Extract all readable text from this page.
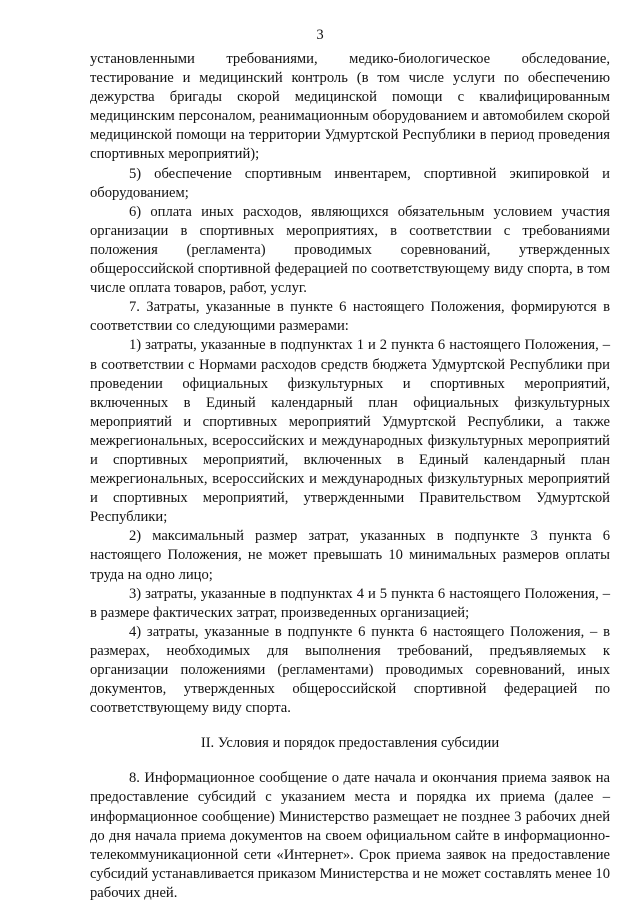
3

установленными требованиями, медико-биологическое обследование, тестирование и медицинский контроль (в том числе услуги по обеспечению дежурства бригады скорой медицинской помощи с квалифицированным медицинским персоналом, реанимационным оборудованием и автомобилем скорой медицинской помощи на территории Удмуртской Республики в период проведения спортивных мероприятий);

5) обеспечение спортивным инвентарем, спортивной экипировкой и оборудованием;

6) оплата иных расходов, являющихся обязательным условием участия организации в спортивных мероприятиях, в соответствии с требованиями положения (регламента) проводимых соревнований, утвержденных общероссийской спортивной федерацией по соответствующему виду спорта, в том числе оплата товаров, работ, услуг.

7. Затраты, указанные в пункте 6 настоящего Положения, формируются в соответствии со следующими размерами:

1) затраты, указанные в подпунктах 1 и 2 пункта 6 настоящего Положения, – в соответствии с Нормами расходов средств бюджета Удмуртской Республики при проведении официальных физкультурных и спортивных мероприятий, включенных в Единый календарный план официальных физкультурных мероприятий и спортивных мероприятий Удмуртской Республики, а также межрегиональных, всероссийских и международных физкультурных мероприятий и спортивных мероприятий, включенных в Единый календарный план межрегиональных, всероссийских и международных физкультурных мероприятий и спортивных мероприятий, утвержденными Правительством Удмуртской Республики;

2) максимальный размер затрат, указанных в подпункте 3 пункта 6 настоящего Положения, не может превышать 10 минимальных размеров оплаты труда на одно лицо;

3) затраты, указанные в подпунктах 4 и 5 пункта 6 настоящего Положения, – в размере фактических затрат, произведенных организацией;

4) затраты, указанные в подпункте 6 пункта 6 настоящего Положения, – в размерах, необходимых для выполнения требований, предъявляемых к организации положениями (регламентами) проводимых соревнований, иных документов, утвержденных общероссийской спортивной федерацией по соответствующему виду спорта.

II. Условия и порядок предоставления субсидии

8. Информационное сообщение о дате начала и окончания приема заявок на предоставление субсидий с указанием места и порядка их приема (далее – информационное сообщение) Министерство размещает не позднее 3 рабочих дней до дня начала приема документов на своем официальном сайте в информационно-телекоммуникационной сети «Интернет». Срок приема заявок на предоставление субсидий устанавливается приказом Министерства и не может составлять менее 10 рабочих дней.
